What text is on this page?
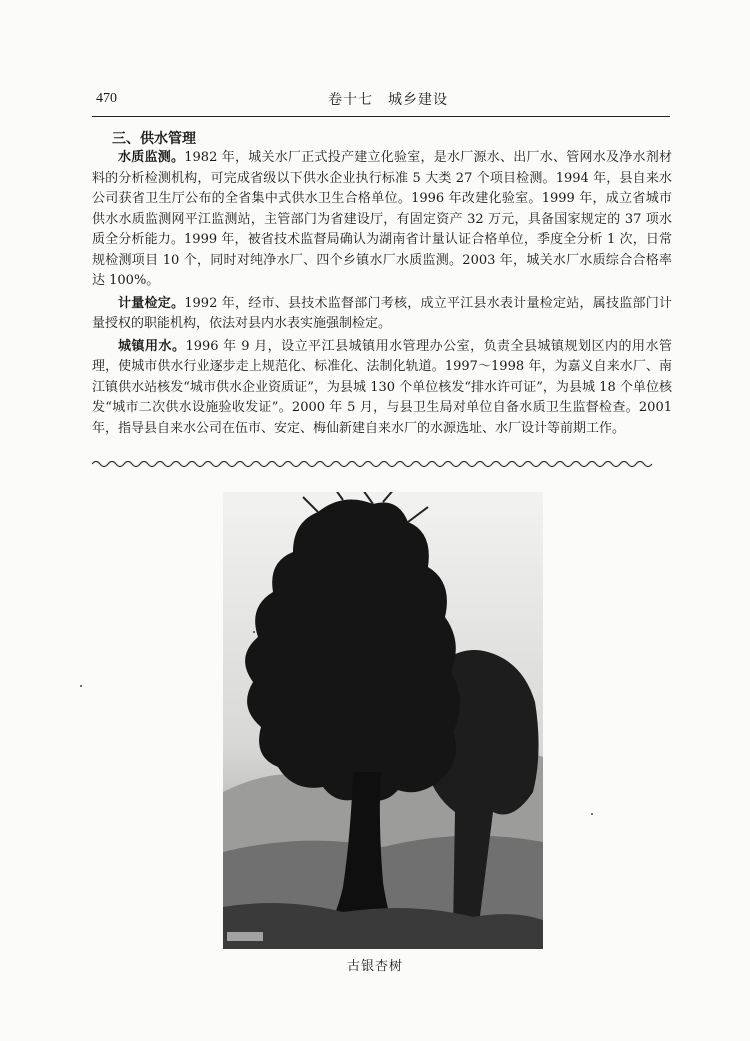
470	卷十七　城乡建设
三、供水管理

水质监测。1982 年，城关水厂正式投产建立化验室，是水厂源水、出厂水、管网水及净水剂材料的分析检测机构，可完成省级以下供水企业执行标准 5 大类 27 个项目检测。1994 年，县自来水公司获省卫生厅公布的全省集中式供水卫生合格单位。1996 年改建化验室。1999 年，成立省城市供水水质监测网平江监测站，主管部门为省建设厅，有固定资产 32 万元，具备国家规定的 37 项水质全分析能力。1999 年，被省技术监督局确认为湖南省计量认证合格单位，季度全分析 1 次，日常规检测项目 10 个，同时对纯净水厂、四个乡镇水厂水质监测。2003 年，城关水厂水质综合合格率达 100%。

计量检定。1992 年，经市、县技术监督部门考核，成立平江县水表计量检定站，属技监部门计量授权的职能机构，依法对县内水表实施强制检定。

城镇用水。1996 年 9 月，设立平江县城镇用水管理办公室，负责全县城镇规划区内的用水管理，使城市供水行业逐步走上规范化、标准化、法制化轨道。1997～1998 年，为嘉义自来水厂、南江镇供水站核发“城市供水企业资质证”，为县城 130 个单位核发“排水许可证”，为县城 18 个单位核发“城市二次供水设施验收发证”。2000 年 5 月，与县卫生局对单位自备水质卫生监督检查。2001 年，指导县自来水公司在伍市、安定、梅仙新建自来水厂的水源选址、水厂设计等前期工作。

古银杏树
